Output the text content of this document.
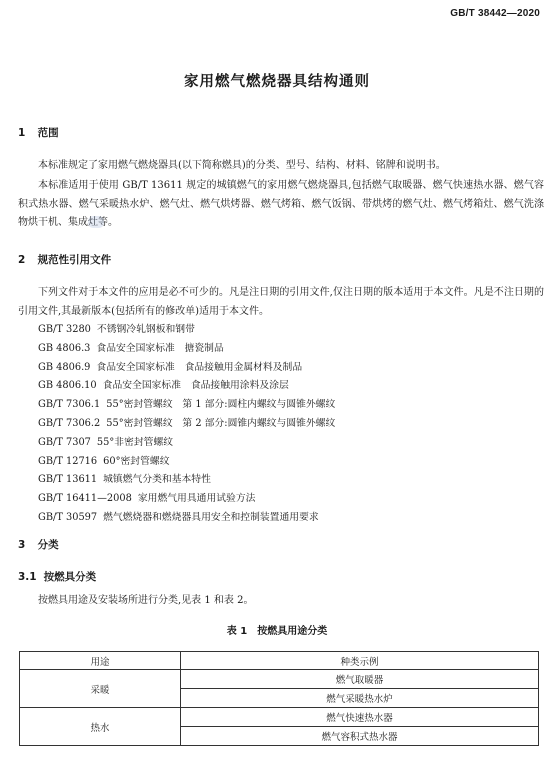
GB/T 38442—2020
家用燃气燃烧器具结构通则
1 范围
本标准规定了家用燃气燃烧器具(以下简称燃具)的分类、型号、结构、材料、铭牌和说明书。
本标准适用于使用 GB/T 13611 规定的城镇燃气的家用燃气燃烧器具,包括燃气取暖器、燃气快速热水器、燃气容积式热水器、燃气采暖热水炉、燃气灶、燃气烘烤器、燃气烤箱、燃气饭锅、带烘烤的燃气灶、燃气烤箱灶、燃气洗涤物烘干机、集成灶等。
2 规范性引用文件
下列文件对于本文件的应用是必不可少的。凡是注日期的引用文件,仅注日期的版本适用于本文件。凡是不注日期的引用文件,其最新版本(包括所有的修改单)适用于本文件。
GB/T 3280 不锈钢冷轧钢板和钢带
GB 4806.3 食品安全国家标准　搪瓷制品
GB 4806.9 食品安全国家标准　食品接触用金属材料及制品
GB 4806.10 食品安全国家标准　食品接触用涂料及涂层
GB/T 7306.1 55°密封管螺纹　第 1 部分:圆柱内螺纹与圆锥外螺纹
GB/T 7306.2 55°密封管螺纹　第 2 部分:圆锥内螺纹与圆锥外螺纹
GB/T 7307 55°非密封管螺纹
GB/T 12716 60°密封管螺纹
GB/T 13611 城镇燃气分类和基本特性
GB/T 16411—2008 家用燃气用具通用试验方法
GB/T 30597 燃气燃烧器和燃烧器具用安全和控制装置通用要求
3 分类
3.1 按燃具分类
按燃具用途及安装场所进行分类,见表 1 和表 2。
表 1 按燃具用途分类
用途	种类示例
采暖	燃气取暖器
	燃气采暖热水炉
热水	燃气快速热水器
	燃气容积式热水器
